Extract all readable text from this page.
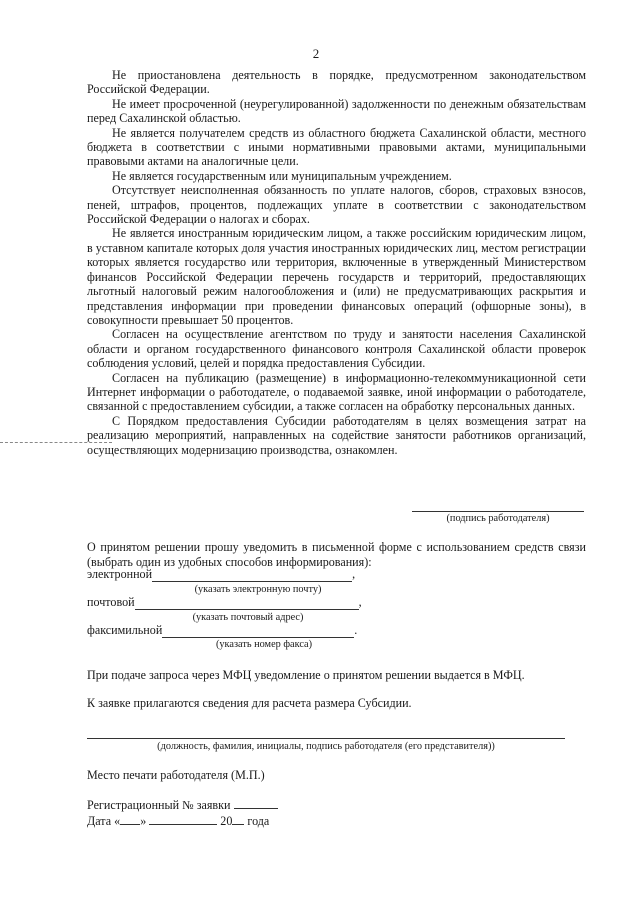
2

Не приостановлена деятельность в порядке, предусмотренном законодательством Российской Федерации.

Не имеет просроченной (неурегулированной) задолженности по денежным обязательствам перед Сахалинской областью.

Не является получателем средств из областного бюджета Сахалинской области, местного бюджета в соответствии с иными нормативными правовыми актами, муниципальными правовыми актами на аналогичные цели.

Не является государственным или муниципальным учреждением.

Отсутствует неисполненная обязанность по уплате налогов, сборов, страховых взносов, пеней, штрафов, процентов, подлежащих уплате в соответствии с законодательством Российской Федерации о налогах и сборах.

Не является иностранным юридическим лицом, а также российским юридическим лицом, в уставном капитале которых доля участия иностранных юридических лиц, местом регистрации которых является государство или территория, включенные в утвержденный Министерством финансов Российской Федерации перечень государств и территорий, предоставляющих льготный налоговый режим налогообложения и (или) не предусматривающих раскрытия и представления информации при проведении финансовых операций (офшорные зоны), в совокупности превышает 50 процентов.

Согласен на осуществление агентством по труду и занятости населения Сахалинской области и органом государственного финансового контроля Сахалинской области проверок соблюдения условий, целей и порядка предоставления Субсидии.

Согласен на публикацию (размещение) в информационно-телекоммуникационной сети Интернет информации о работодателе, о подаваемой заявке, иной информации о работодателе, связанной с предоставлением субсидии, а также согласен на обработку персональных данных.

С Порядком предоставления Субсидии работодателям в целях возмещения затрат на реализацию мероприятий, направленных на содействие занятости работников организаций, осуществляющих модернизацию производства, ознакомлен.

(подпись работодателя)
О принятом решении прошу уведомить в письменной форме с использованием средств связи (выбрать один из удобных способов информирования):
электронной	,
(указать электронную почту)
почтовой	,
(указать почтовый адрес)
факсимильной	.
(указать номер факса)
При подаче запроса через МФЦ уведомление о принятом решении выдается в МФЦ.
К заявке прилагаются сведения для расчета размера Субсидии.
(должность, фамилия, инициалы, подпись работодателя (его представителя))
Место печати работодателя (М.П.)
Регистрационный № заявки
Дата « »	20 года
